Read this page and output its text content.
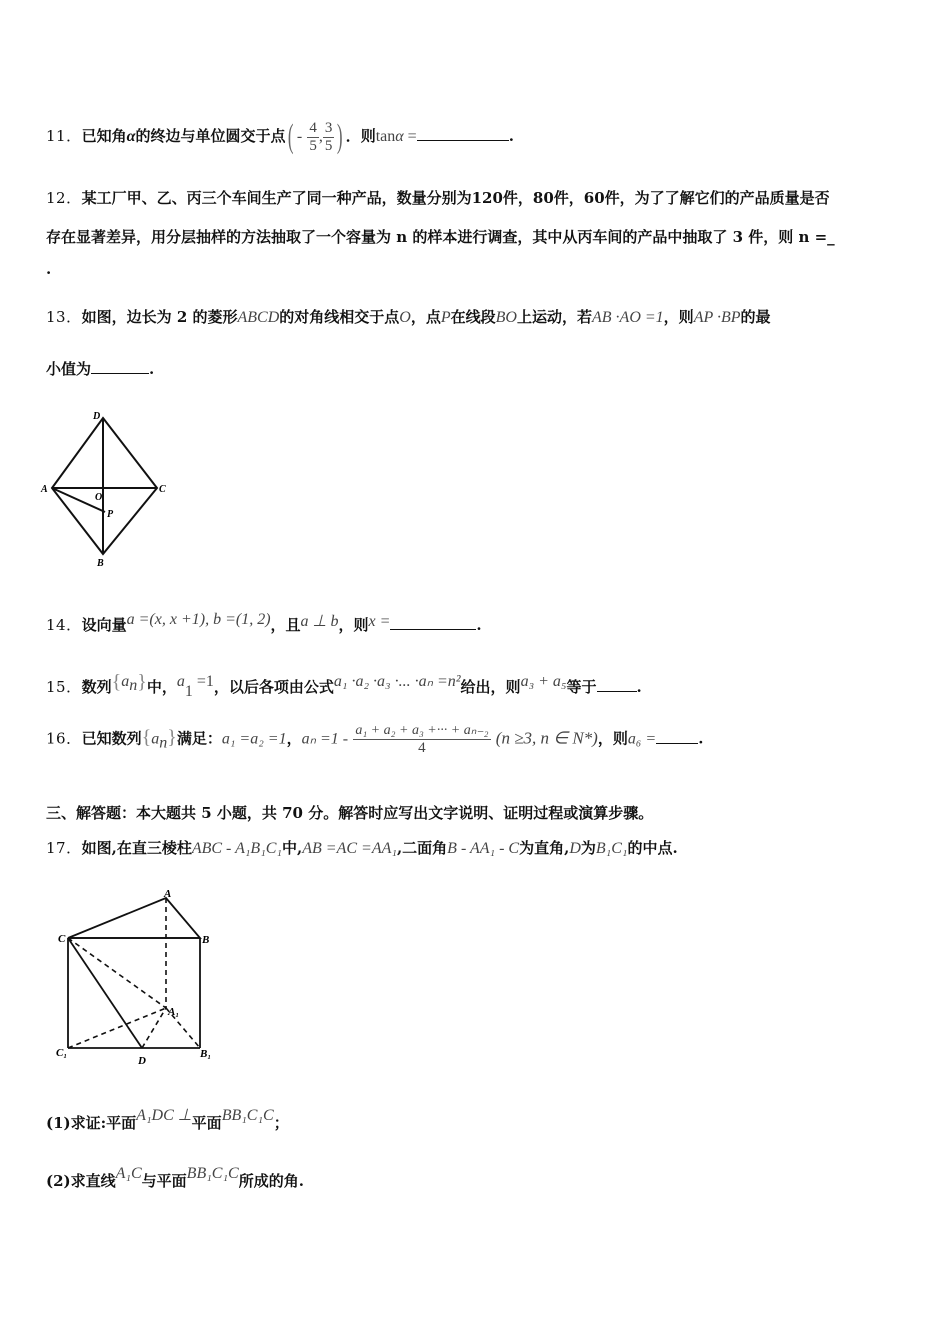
11．已知角α的终边与单位圆交于点( - $\frac{4}{5}$ , $\frac{3}{5}$ ) ．则tanα =	.
12．某工厂甲、乙、丙三个车间生产了同一种产品，数量分别为120件，80件，60件，为了了解它们的产品质量是否
存在显著差异，用分层抽样的方法抽取了一个容量为 n 的样本进行调查，其中从丙车间的产品中抽取了 3 件，则 n =_
.
13．如图，边长为 2 的菱形ABCD的对角线相交于点O，点P在线段BO上运动，若AB ·AO =1，则AP ·BP的最
小值为	.
D
A	C
O
P
B
14．设向量a =(x, x +1), b =(1, 2)，且a ⊥ b，则x =	.
15．数列$\{a_n\}$中，$a_1 =1$，以后各项由公式a₁ ·a₂ ·a₃ ·... ·aₙ =n²给出，则a₃ + a₅等于	.
16．已知数列$\{a_n\}$满足：a₁ =a₂ =1，$a_n =1 - \frac{\text{a₁ + a₂ + a₃ +··· + aₙ₋₂}}{4} (n \ge 3$, n ∈ N*)，则a₆ =	.
三、解答题：本大题共 5 小题，共 70 分。解答时应写出文字说明、证明过程或演算步骤。
17．如图,在直三棱柱ABC - A₁B₁C₁中,AB =AC =AA₁,二面角B - AA₁ - C为直角,D为B₁C₁的中点.
A
C	B
A₁
C₁
D
B₁
(1)求证:平面A₁DC ⊥平面BB₁C₁C；
(2)求直线A₁C与平面BB₁C₁C所成的角.
